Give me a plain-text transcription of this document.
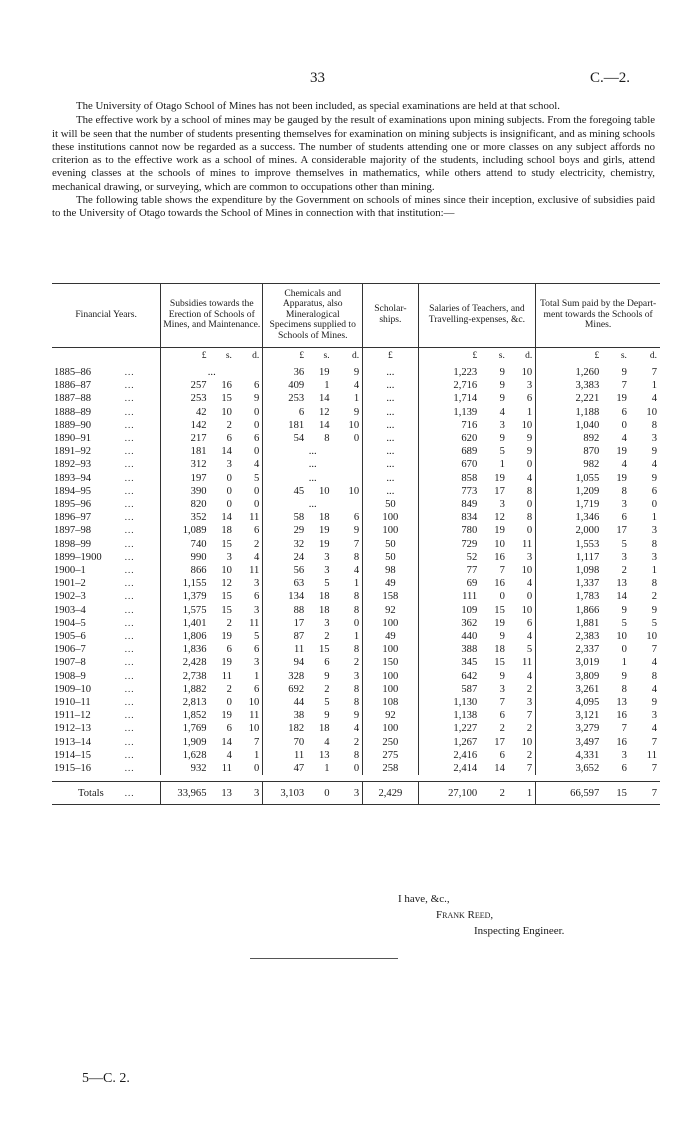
33	C.—2.

The University of Otago School of Mines has not been included, as special examinations are held at that school.

The effective work by a school of mines may be gauged by the result of examinations upon mining subjects. From the foregoing table it will be seen that the number of students presenting themselves for examination on mining subjects is insignificant, and as mining schools these institutions cannot now be regarded as a success. The number of students attending one or more classes on any subject affords no criterion as to the effective work as a school of mines. A considerable majority of the students, including school boys and girls, attend evening classes at the schools of mines to improve themselves in mathematics, while others attend to study electricity, chemistry, mechanical drawing, or surveying, which are common to occupations other than mining.

The following table shows the expenditure by the Government on schools of mines since their inception, exclusive of subsidies paid to the University of Otago towards the School of Mines in connection with that institution:—

Financial Years.		Subsidies towards the Erection of Schools of Mines, and Maintenance.			Chemicals and Apparatus, also Mineralogical Specimens supplied to Schools of Mines.			Scholar-ships.	Salaries of Teachers, and Travelling-expenses, &c.			Total Sum paid by the Depart-ment towards the Schools of Mines.		
		£	s.	d.	£	s.	d.	£	£	s.	d.	£	s.	d.
1885–86	...	...			36	19	9	...	1,223	9	10	1,260	9	7
1886–87	...	257	16	6	409	1	4	...	2,716	9	3	3,383	7	1
1887–88	...	253	15	9	253	14	1	...	1,714	9	6	2,221	19	4
1888–89	...	42	10	0	6	12	9	...	1,139	4	1	1,188	6	10
1889–90	...	142	2	0	181	14	10	...	716	3	10	1,040	0	8
1890–91	...	217	6	6	54	8	0	...	620	9	9	892	4	3
1891–92	...	181	14	0	...			...	689	5	9	870	19	9
1892–93	...	312	3	4	...			...	670	1	0	982	4	4
1893–94	...	197	0	5	...			...	858	19	4	1,055	19	9
1894–95	...	390	0	0	45	10	10	...	773	17	8	1,209	8	6
1895–96	...	820	0	0	...			50	849	3	0	1,719	3	0
1896–97	...	352	14	11	58	18	6	100	834	12	8	1,346	6	1
1897–98	...	1,089	18	6	29	19	9	100	780	19	0	2,000	17	3
1898–99	...	740	15	2	32	19	7	50	729	10	11	1,553	5	8
1899–1900	...	990	3	4	24	3	8	50	52	16	3	1,117	3	3
1900–1	...	866	10	11	56	3	4	98	77	7	10	1,098	2	1
1901–2	...	1,155	12	3	63	5	1	49	69	16	4	1,337	13	8
1902–3	...	1,379	15	6	134	18	8	158	111	0	0	1,783	14	2
1903–4	...	1,575	15	3	88	18	8	92	109	15	10	1,866	9	9
1904–5	...	1,401	2	11	17	3	0	100	362	19	6	1,881	5	5
1905–6	...	1,806	19	5	87	2	1	49	440	9	4	2,383	10	10
1906–7	...	1,836	6	6	11	15	8	100	388	18	5	2,337	0	7
1907–8	...	2,428	19	3	94	6	2	150	345	15	11	3,019	1	4
1908–9	...	2,738	11	1	328	9	3	100	642	9	4	3,809	9	8
1909–10	...	1,882	2	6	692	2	8	100	587	3	2	3,261	8	4
1910–11	...	2,813	0	10	44	5	8	108	1,130	7	3	4,095	13	9
1911–12	...	1,852	19	11	38	9	9	92	1,138	6	7	3,121	16	3
1912–13	...	1,769	6	10	182	18	4	100	1,227	2	2	3,279	7	4
1913–14	...	1,909	14	7	70	4	2	250	1,267	17	10	3,497	16	7
1914–15	...	1,628	4	1	11	13	8	275	2,416	6	2	4,331	3	11
1915–16	...	932	11	0	47	1	0	258	2,414	14	7	3,652	6	7

Totals	...	33,965	13	3	3,103	0	3	2,429	27,100	2	1	66,597	15	7
I have, &c.,
Frank Reed,
Inspecting Engineer.
5—C. 2.
